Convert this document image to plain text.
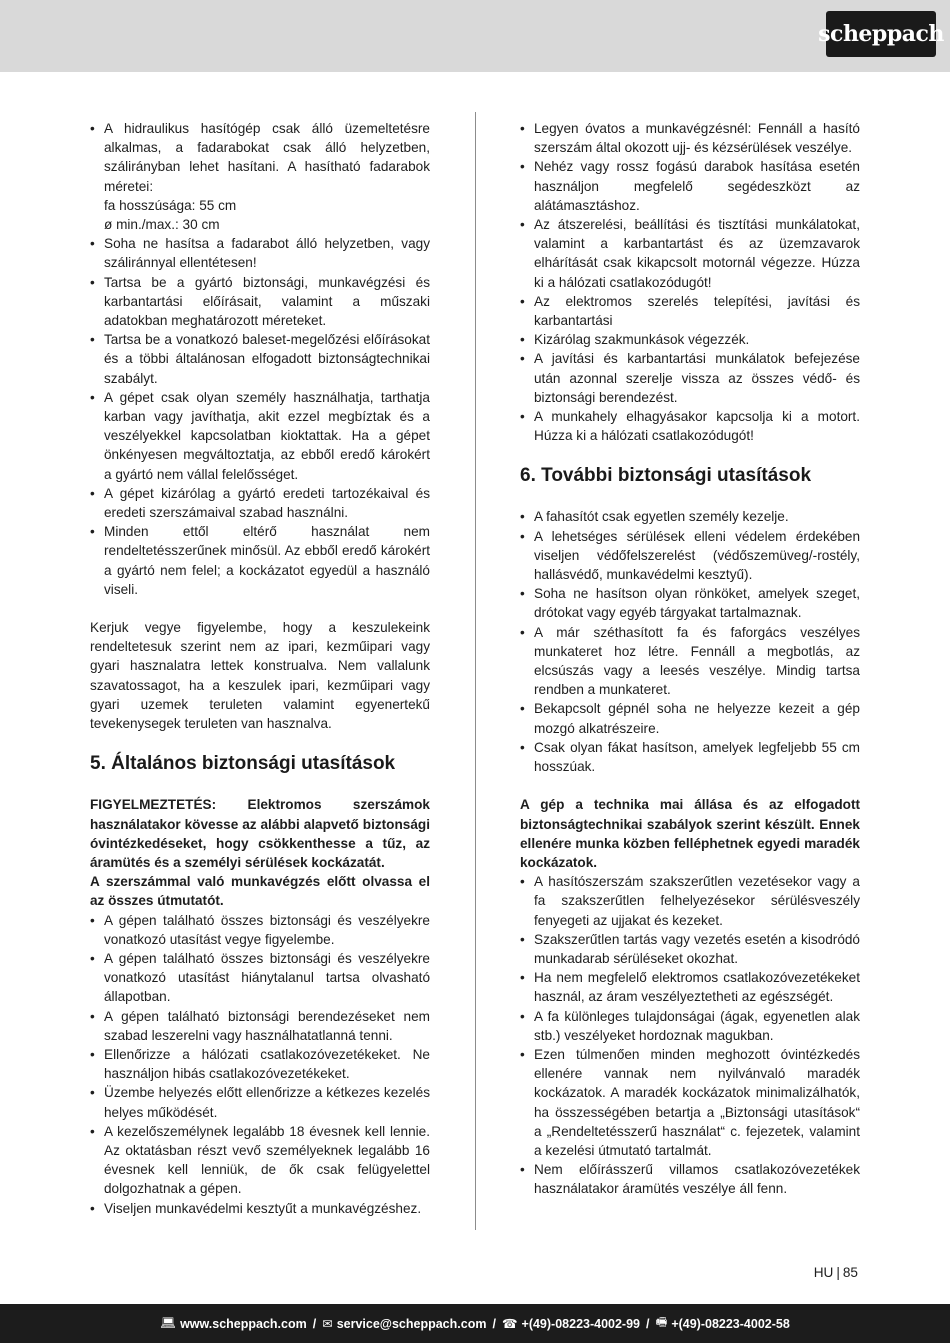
scheppach
• A hidraulikus hasítógép csak álló üzemeltetésre alkalmas, a fadarabokat csak álló helyzetben, szálirányban lehet hasítani. A hasítható fadarabok méretei:
fa hosszúsága: 55 cm
ø min./max.: 30 cm
• Soha ne hasítsa a fadarabot álló helyzetben, vagy száliránnyal ellentétesen!
• Tartsa be a gyártó biztonsági, munkavégzési és karbantartási előírásait, valamint a műszaki adatokban meghatározott méreteket.
• Tartsa be a vonatkozó baleset-megelőzési előírásokat és a többi általánosan elfogadott biztonságtechnikai szabályt.
• A gépet csak olyan személy használhatja, tarthatja karban vagy javíthatja, akit ezzel megbíztak és a veszélyekkel kapcsolatban kioktattak. Ha a gépet önkényesen megváltoztatja, az ebből eredő károkért a gyártó nem vállal felelősséget.
• A gépet kizárólag a gyártó eredeti tartozékaival és eredeti szerszámaival szabad használni.
• Minden ettől eltérő használat nem rendeltetésszerűnek minősül. Az ebből eredő károkért a gyártó nem felel; a kockázatot egyedül a használó viseli.

Kerjuk vegye figyelembe, hogy a keszulekeink rendeltetesuk szerint nem az ipari, kezműipari vagy gyari hasznalatra lettek konstrualva. Nem vallalunk szavatossagot, ha a keszulek ipari, kezműipari vagy gyari uzemek teruleten valamint egyenertekű tevekenysegek teruleten van hasznalva.

5. Általános biztonsági utasítások

FIGYELMEZTETÉS: Elektromos szerszámok használatakor kövesse az alábbi alapvető biztonsági óvintézkedéseket, hogy csökkenthesse a tűz, az áramütés és a személyi sérülések kockázatát.

A szerszámmal való munkavégzés előtt olvassa el az összes útmutatót.

• A gépen található összes biztonsági és veszélyekre vonatkozó utasítást vegye figyelembe.
• A gépen található összes biztonsági és veszélyekre vonatkozó utasítást hiánytalanul tartsa olvasható állapotban.
• A gépen található biztonsági berendezéseket nem szabad leszerelni vagy használhatatlanná tenni.
• Ellenőrizze a hálózati csatlakozóvezetékeket. Ne használjon hibás csatlakozóvezetékeket.
• Üzembe helyezés előtt ellenőrizze a kétkezes kezelés helyes működését.
• A kezelőszemélynek legalább 18 évesnek kell lennie. Az oktatásban részt vevő személyeknek legalább 16 évesnek kell lenniük, de ők csak felügyelettel dolgozhatnak a gépen.
• Viseljen munkavédelmi kesztyűt a munkavégzéshez.
• Legyen óvatos a munkavégzésnél: Fennáll a hasító szerszám által okozott ujj- és kézsérülések veszélye.
• Nehéz vagy rossz fogású darabok hasítása esetén használjon megfelelő segédeszközt az alátámasztáshoz.
• Az átszerelési, beállítási és tisztítási munkálatokat, valamint a karbantartást és az üzemzavarok elhárítását csak kikapcsolt motornál végezze. Húzza ki a hálózati csatlakozódugót!
• Az elektromos szerelés telepítési, javítási és karbantartási
• Kizárólag szakmunkások végezzék.
• A javítási és karbantartási munkálatok befejezése után azonnal szerelje vissza az összes védő- és biztonsági berendezést.
• A munkahely elhagyásakor kapcsolja ki a motort. Húzza ki a hálózati csatlakozódugót!
6. További biztonsági utasítások
• A fahasítót csak egyetlen személy kezelje.
• A lehetséges sérülések elleni védelem érdekében viseljen védőfelszerelést (védőszemüveg/-rostély, hallásvédő, munkavédelmi kesztyű).
• Soha ne hasítson olyan rönköket, amelyek szeget, drótokat vagy egyéb tárgyakat tartalmaznak.
• A már széthasított fa és faforgács veszélyes munkateret hoz létre. Fennáll a megbotlás, az elcsúszás vagy a leesés veszélye. Mindig tartsa rendben a munkateret.
• Bekapcsolt gépnél soha ne helyezze kezeit a gép mozgó alkatrészeire.
• Csak olyan fákat hasítson, amelyek legfeljebb 55 cm hosszúak.

A gép a technika mai állása és az elfogadott biztonságtechnikai szabályok szerint készült. Ennek ellenére munka közben felléphetnek egyedi maradék kockázatok.

• A hasítószerszám szakszerűtlen vezetésekor vagy a fa szakszerűtlen felhelyezésekor sérülésveszély fenyegeti az ujjakat és kezeket.
• Szakszerűtlen tartás vagy vezetés esetén a kisodródó munkadarab sérüléseket okozhat.
• Ha nem megfelelő elektromos csatlakozóvezetékeket használ, az áram veszélyeztetheti az egészségét.
• A fa különleges tulajdonságai (ágak, egyenetlen alak stb.) veszélyeket hordoznak magukban.
• Ezen túlmenően minden meghozott óvintézkedés ellenére vannak nem nyilvánvaló maradék kockázatok. A maradék kockázatok minimalizálhatók, ha összességében betartja a „Biztonsági utasítások“ a „Rendeltetésszerű használat“ c. fejezetek, valamint a kezelési útmutató tartalmát.
• Nem előírásszerű villamos csatlakozóvezetékek használatakor áramütés veszélye áll fenn.
HU | 85
💻︎ www.scheppach.com / ✉︎ service@scheppach.com / ☎︎ +(49)-08223-4002-99 / 🖷︎ +(49)-08223-4002-58
